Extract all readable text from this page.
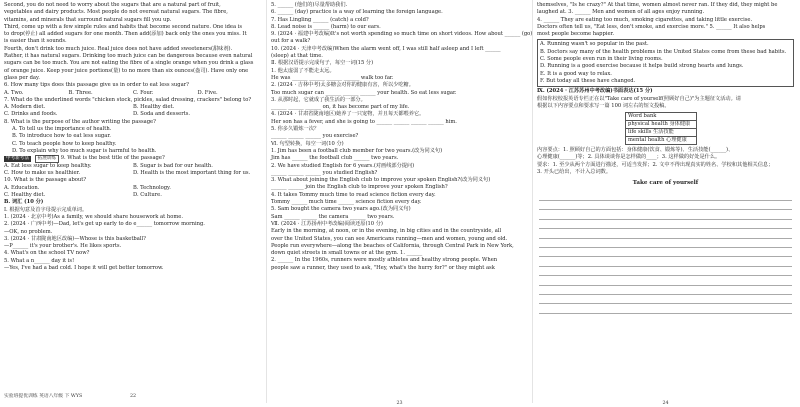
Second, you do not need to worry about the sugars that are a natural part of fruit,
vegetables and dairy products. Most people do not overeat natural sugars. The fibre,
vitamins, and minerals that surround natural sugars fill you up.
Third, come up with a few simple rules and habits that become second nature. One idea is
to drop(停止) all added sugars for one month. Then add(添加) back only the ones you miss. It
is easier than it sounds.
Fourth, don't drink too much juice. Real juice does not have added sweeteners(甜味剂).
Rather, it has natural sugars. Drinking too much juice can be dangerous because even natural
sugars can be too much. You are not eating the fibre of a single orange when you drink a glass
of orange juice. Keep your juice portions(量) to no more than six ounces(盎司). Have only one
glass per day.
6. How many tips does this passage give us in order to eat less sugar?
A. Two.	B. Three.	C. Four.	D. Five.
7. What do the underlined words "chicken stock, pickles, salad dressing, crackers" belong to?
A. Modern diet.	B. Healthy diet.
C. Drinks and foods.	D. Soda and desserts.
8. What is the purpose of the author writing the passage?
A. To tell us the importance of health.
B. To introduce how to eat less sugar.
C. To teach people how to keep healthy.
D. To explain why too much sugar is harmful to health.
中考新考法 拓展训练 9. What is the best title of the passage?
A. Eat less sugar to keep healthy.	B. Sugar is bad for our health.
C. How to make us healthier.	D. Health is the most important thing for us.
10. What is the passage about?
A. Education.	B. Technology.
C. Healthy diet.	D. Culture.
B. 词汇 (10 分)
Ⅰ. 根据句意及首字母提示完成单词。
1. (2024 · 北京中考)As a family, we should share housework at home.
2. (2024 · 广西中考)—Dad, let's get up early to do e______ tomorrow morning.
—OK, no problem.
3. (2024 · 甘肃陇南地区改编)—Whose is this basketball?
—P______ it's your brother's. He likes sports.
4. What's on the school TV now?
5. What a n______ day it is!
—Yes, I've had a bad cold. I hope it will get better tomorrow.
实验班提优训练 英语八年级 下 WYS	22
5. ______ (他们的)尽量帮助我们.
6. ______ (day) practice is a way of learning the foreign language.
7. Has Lingling ______ (catch) a cold?
8. Lead noise is ______ (harm) to our ears.
9. (2024 · 福建中考改编)It's not worth spending so much time on short videos. How about ______ (go)
out for a walk?
10. (2024 · 天津中考改编)When the alarm went off, I was still half asleep and I left ______
(sleep) at that time.
Ⅱ. 根据汉语提示完成句子，每空一词(15 分)
1. 他太虚弱了不能走太远。
He was ______ ______ ______ ______ walk too far.
2. (2024 · 吉林中考)太多糖会对你的健康有害，所以少吃糖。
Too much sugar can ______ ______ ______ your health. So eat less sugar.
3. 从那时起，它就成了我生活的一部分。
______ ______ ______ on, it has become part of my life.
4. (2024 · 甘肃省陇南地区)她养了一只宠物，并且每天都喂养它。
Her son has a fever, and she is going to ______ ______ ______ ______ him.
5. 你多久锻炼一次？
______ ______ ______ you exercise?
Ⅵ. 句型转换，每空一词(10 分)
1. Jim has been a football club member for two years.(改为同义句)
Jim has ______ the football club ______ two years.
2. We have studied English for 6 years.(对画线部分提问)
______ ______ ______ you studied English?
3. What about joining the English club to improve your spoken English?(改为同义句)
______ ______ join the English club to improve your spoken English?
4. It takes Tommy much time to read science fiction every day.
Tommy ______ much time ______ science fiction every day.
5. Sam bought the camera two years ago.(改为同义句)
Sam ______ ______ the camera ______ two years.
Ⅶ. (2024 · 江苏扬州中考改编)阅读还原(10 分)
Early in the morning, at noon, or in the evening, in big cities and in the countryside, all
over the United States, you can see Americans running—men and women, young and old.
People run everywhere—along the beaches of California, through Central Park in New York,
down quiet streets in small towns or at the gym. 1. ______
2. ______ In the 1960s, runners were mostly athletes and healthy strong people. When
people saw a runner, they used to ask, "Hey, what's the hurry for?" or they might ask
23
themselves, "Is he crazy?" At that time, women almost never ran. If they did, they might be
laughed at. 3. ______ Men and women of all ages enjoy running.
4. ______ They are eating too much, smoking cigarettes, and taking little exercise.
Doctors often tell us, "Eat less, don't smoke, and exercise more." 5. ______ It also helps
most people become happier.
A. Running wasn't so popular in the past.
B. Doctors say many of the health problems in the United States come from these bad habits.
C. Some people even run in their living rooms.
D. Running is a good exercise because it helps build strong hearts and lungs.
E. It is a good way to relax.
F. But today all these have changed.
Ⅸ. (2024 · 江苏苏州中考改编)书面表达(15 分)
假如你校校报英语专栏正在以"Take care of yourself(照顾好自己)"为主题征文活动。请
根据以下内容要点和要求写一篇 100 词左右的短文投稿。
Word bank
physical health 身体健康
life skills 生活技能
mental health 心理健康
内容要点：1. 照顾好自己的方面包括：身体健康(饮食、锻炼等)、生活技能(______)、
心理健康(______)等；2. 具体谈谈你是怎样做的____；3. 这样做的好处是什么。
要求：1. 至少从两个方面进行描述，可适当发挥；2. 文中不得出现真实的姓名、学校和其他相关信息；
3. 开头已给出，不计入总词数。
Take care of yourself
24
